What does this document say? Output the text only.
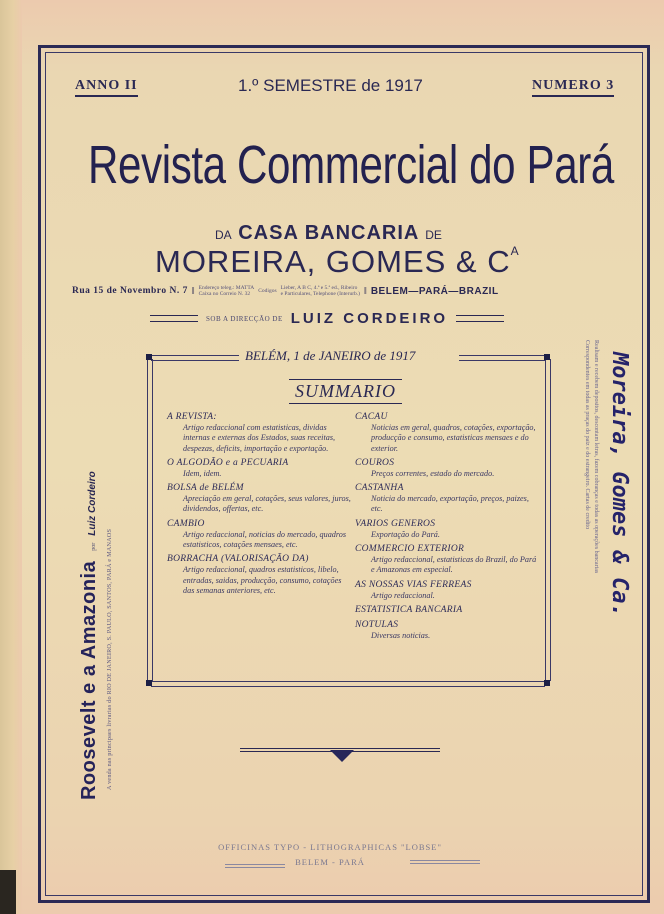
ANNO II	1.º SEMESTRE de 1917	NUMERO 3
Revista Commercial do Pará
DA CASA BANCARIA DE
MOREIRA, GOMES & $C^A$
Rua 15 de Novembro N. 7 ‖ Endereço teleg.: MATTA
Caixa no Correio N. 32	Codigos Lieber, A B C, 4.ª e 5.ª ed., Ribeiro
e Particulares, Telephone (Interurb.) ‖ BELEM—PARÁ—BRAZIL
SOB A DIRECÇÃO DE LUIZ CORDEIRO
BELÉM, 1 de JANEIRO de 1917
SUMMARIO
A REVISTA:
Artigo redaccional com estatisticas, dividas internas e externas dos Estados, suas receitas, despezas, deficits, importação e exportação.
O ALGODÃO e a PECUARIA
Idem, idem.
BOLSA de BELÉM
Apreciação em geral, cotações, seus valores, juros, dividendos, offertas, etc.
CAMBIO
Artigo redaccional, noticias do mercado, quadros estatisticos, cotações mensaes, etc.
BORRACHA (VALORISAÇÃO DA)
Artigo redaccional, quadros estatisticos, libelo, entradas, saidas, producção, consumo, cotações das semanas anteriores, etc.
CACAU
Noticias em geral, quadros, cotações, exportação, producção e consumo, estatisticas mensaes e do exterior.
COUROS
Preços correntes, estado do mercado.
CASTANHA
Noticia do mercado, exportação, preços, paizes, etc.
VARIOS GENEROS
Exportação do Pará.
COMMERCIO EXTERIOR
Artigo redaccional, estatisticas do Brazil, do Pará e Amazonas em especial.
AS NOSSAS VIAS FERREAS
Artigo redaccional.
ESTATISTICA BANCARIA
NOTULAS
Diversas noticias.
Roosevelt e a Amazonia por Luiz Cordeiro
A venda nas principaes livrarias do RIO DE JANEIRO, S. PAULO, SANTOS, PARÁ e MANAOS
Moreira, Gomes & Ca.
Realisam e recebem depositos, descontam letras, fazem cobranças e todas as operações bancarias
Correspondentes em todas as praças do paiz e do estrangeiro. Cartas de credito
OFFICINAS TYPO - LITHOGRAPHICAS "LOBSE"
BELEM - PARÁ
